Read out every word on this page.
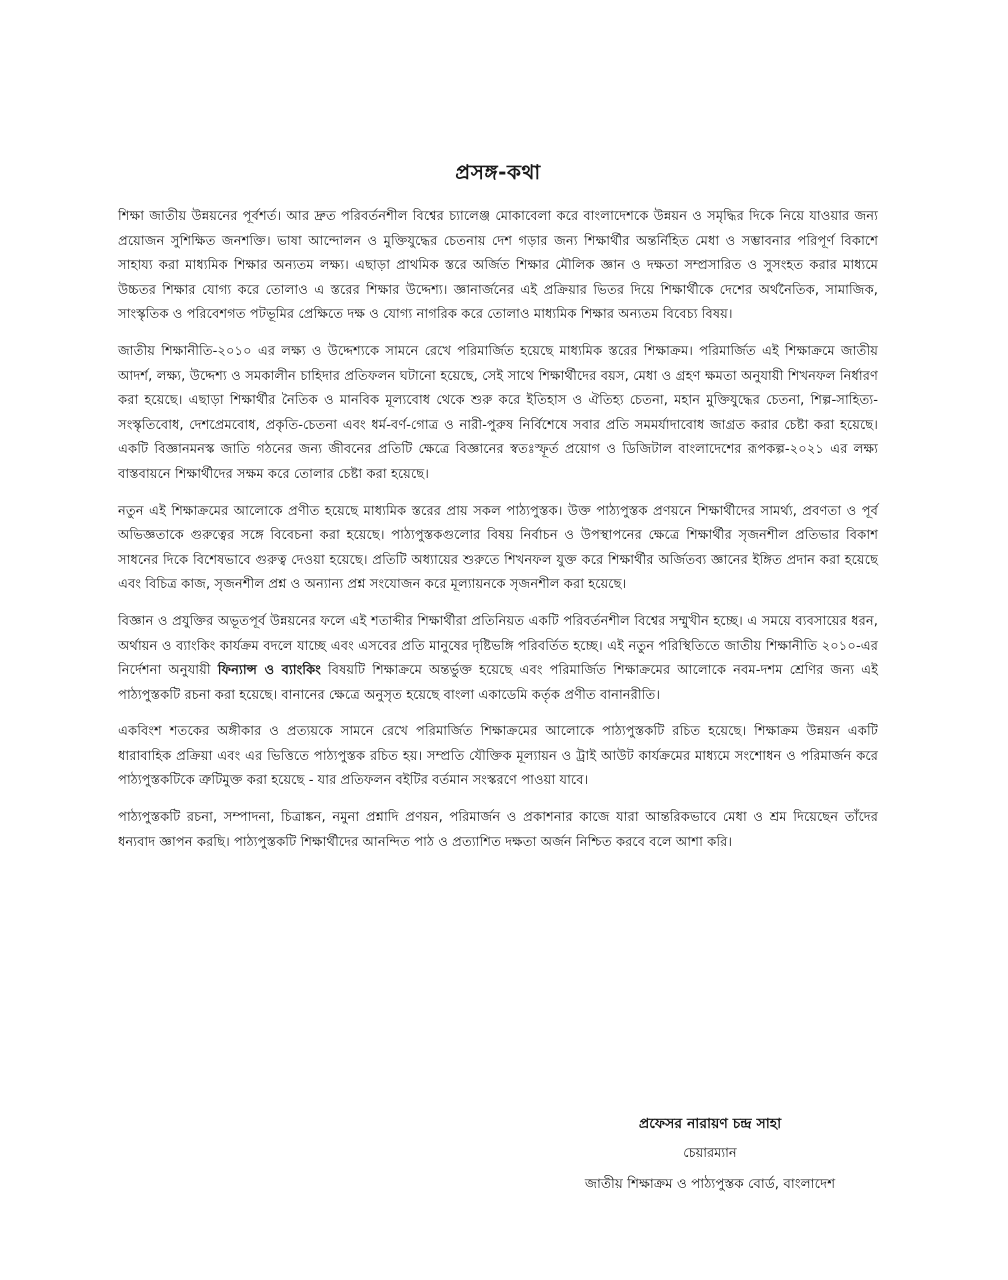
প্রসঙ্গ-কথা

শিক্ষা জাতীয় উন্নয়নের পূর্বশর্ত। আর দ্রুত পরিবর্তনশীল বিশ্বের চ্যালেঞ্জ মোকাবেলা করে বাংলাদেশকে উন্নয়ন ও সমৃদ্ধির দিকে নিয়ে যাওয়ার জন্য প্রয়োজন সুশিক্ষিত জনশক্তি। ভাষা আন্দোলন ও মুক্তিযুদ্ধের চেতনায় দেশ গড়ার জন্য শিক্ষার্থীর অন্তর্নিহিত মেধা ও সম্ভাবনার পরিপূর্ণ বিকাশে সাহায্য করা মাধ্যমিক শিক্ষার অন্যতম লক্ষ্য। এছাড়া প্রাথমিক স্তরে অর্জিত শিক্ষার মৌলিক জ্ঞান ও দক্ষতা সম্প্রসারিত ও সুসংহত করার মাধ্যমে উচ্চতর শিক্ষার যোগ্য করে তোলাও এ স্তরের শিক্ষার উদ্দেশ্য। জ্ঞানার্জনের এই প্রক্রিয়ার ভিতর দিয়ে শিক্ষার্থীকে দেশের অর্থনৈতিক, সামাজিক, সাংস্কৃতিক ও পরিবেশগত পটভূমির প্রেক্ষিতে দক্ষ ও যোগ্য নাগরিক করে তোলাও মাধ্যমিক শিক্ষার অন্যতম বিবেচ্য বিষয়।

জাতীয় শিক্ষানীতি-২০১০ এর লক্ষ্য ও উদ্দেশ্যকে সামনে রেখে পরিমার্জিত হয়েছে মাধ্যমিক স্তরের শিক্ষাক্রম। পরিমার্জিত এই শিক্ষাক্রমে জাতীয় আদর্শ, লক্ষ্য, উদ্দেশ্য ও সমকালীন চাহিদার প্রতিফলন ঘটানো হয়েছে, সেই সাথে শিক্ষার্থীদের বয়স, মেধা ও গ্রহণ ক্ষমতা অনুযায়ী শিখনফল নির্ধারণ করা হয়েছে। এছাড়া শিক্ষার্থীর নৈতিক ও মানবিক মূল্যবোধ থেকে শুরু করে ইতিহাস ও ঐতিহ্য চেতনা, মহান মুক্তিযুদ্ধের চেতনা, শিল্প-সাহিত্য-সংস্কৃতিবোধ, দেশপ্রেমবোধ, প্রকৃতি-চেতনা এবং ধর্ম-বর্ণ-গোত্র ও নারী-পুরুষ নির্বিশেষে সবার প্রতি সমমর্যাদাবোধ জাগ্রত করার চেষ্টা করা হয়েছে। একটি বিজ্ঞানমনস্ক জাতি গঠনের জন্য জীবনের প্রতিটি ক্ষেত্রে বিজ্ঞানের স্বতঃস্ফূর্ত প্রয়োগ ও ডিজিটাল বাংলাদেশের রূপকল্প-২০২১ এর লক্ষ্য বাস্তবায়নে শিক্ষার্থীদের সক্ষম করে তোলার চেষ্টা করা হয়েছে।

নতুন এই শিক্ষাক্রমের আলোকে প্রণীত হয়েছে মাধ্যমিক স্তরের প্রায় সকল পাঠ্যপুস্তক। উক্ত পাঠ্যপুস্তক প্রণয়নে শিক্ষার্থীদের সামর্থ্য, প্রবণতা ও পূর্ব অভিজ্ঞতাকে গুরুত্বের সঙ্গে বিবেচনা করা হয়েছে। পাঠ্যপুস্তকগুলোর বিষয় নির্বাচন ও উপস্থাপনের ক্ষেত্রে শিক্ষার্থীর সৃজনশীল প্রতিভার বিকাশ সাধনের দিকে বিশেষভাবে গুরুত্ব দেওয়া হয়েছে। প্রতিটি অধ্যায়ের শুরুতে শিখনফল যুক্ত করে শিক্ষার্থীর অর্জিতব্য জ্ঞানের ইঙ্গিত প্রদান করা হয়েছে এবং বিচিত্র কাজ, সৃজনশীল প্রশ্ন ও অন্যান্য প্রশ্ন সংযোজন করে মূল্যায়নকে সৃজনশীল করা হয়েছে।

বিজ্ঞান ও প্রযুক্তির অভূতপূর্ব উন্নয়নের ফলে এই শতাব্দীর শিক্ষার্থীরা প্রতিনিয়ত একটি পরিবর্তনশীল বিশ্বের সম্মুখীন হচ্ছে। এ সময়ে ব্যবসায়ের ধরন, অর্থায়ন ও ব্যাংকিং কার্যক্রম বদলে যাচ্ছে এবং এসবের প্রতি মানুষের দৃষ্টিভঙ্গি পরিবর্তিত হচ্ছে। এই নতুন পরিস্থিতিতে জাতীয় শিক্ষানীতি ২০১০-এর নির্দেশনা অনুযায়ী ফিন্যান্স ও ব্যাংকিং বিষয়টি শিক্ষাক্রমে অন্তর্ভুক্ত হয়েছে এবং পরিমার্জিত শিক্ষাক্রমের আলোকে নবম-দশম শ্রেণির জন্য এই পাঠ্যপুস্তকটি রচনা করা হয়েছে। বানানের ক্ষেত্রে অনুসৃত হয়েছে বাংলা একাডেমি কর্তৃক প্রণীত বানানরীতি।

একবিংশ শতকের অঙ্গীকার ও প্রত্যয়কে সামনে রেখে পরিমার্জিত শিক্ষাক্রমের আলোকে পাঠ্যপুস্তকটি রচিত হয়েছে। শিক্ষাক্রম উন্নয়ন একটি ধারাবাহিক প্রক্রিয়া এবং এর ভিত্তিতে পাঠ্যপুস্তক রচিত হয়। সম্প্রতি যৌক্তিক মূল্যায়ন ও ট্রাই আউট কার্যক্রমের মাধ্যমে সংশোধন ও পরিমার্জন করে পাঠ্যপুস্তকটিকে ত্রুটিমুক্ত করা হয়েছে - যার প্রতিফলন বইটির বর্তমান সংস্করণে পাওয়া যাবে।

পাঠ্যপুস্তকটি রচনা, সম্পাদনা, চিত্রাঙ্কন, নমুনা প্রশ্নাদি প্রণয়ন, পরিমার্জন ও প্রকাশনার কাজে যারা আন্তরিকভাবে মেধা ও শ্রম দিয়েছেন তাঁদের ধন্যবাদ জ্ঞাপন করছি। পাঠ্যপুস্তকটি শিক্ষার্থীদের আনন্দিত পাঠ ও প্রত্যাশিত দক্ষতা অর্জন নিশ্চিত করবে বলে আশা করি।

প্রফেসর নারায়ণ চন্দ্র সাহা
চেয়ারম্যান
জাতীয় শিক্ষাক্রম ও পাঠ্যপুস্তক বোর্ড, বাংলাদেশ
